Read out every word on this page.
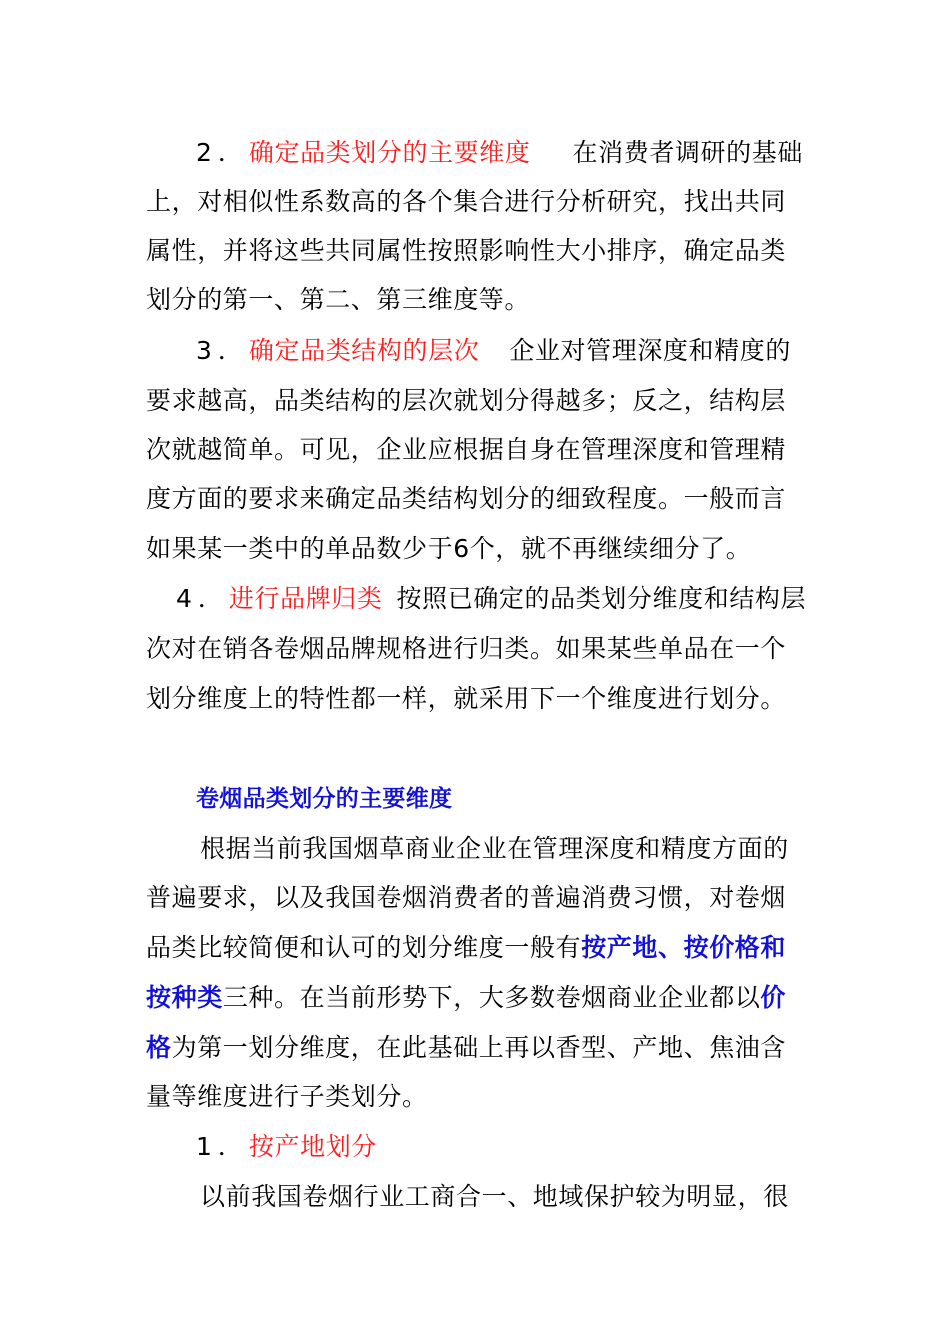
2．确定品类划分的主要维度 在消费者调研的基础
上，对相似性系数高的各个集合进行分析研究，找出共同
属性，并将这些共同属性按照影响性大小排序，确定品类
划分的第一、第二、第三维度等。
3．确定品类结构的层次 企业对管理深度和精度的
要求越高，品类结构的层次就划分得越多；反之，结构层
次就越简单。可见，企业应根据自身在管理深度和管理精
度方面的要求来确定品类结构划分的细致程度。一般而言
如果某一类中的单品数少于6个，就不再继续细分了。
4．进行品牌归类 按照已确定的品类划分维度和结构层
次对在销各卷烟品牌规格进行归类。如果某些单品在一个
划分维度上的特性都一样，就采用下一个维度进行划分。
卷烟品类划分的主要维度
根据当前我国烟草商业企业在管理深度和精度方面的
普遍要求，以及我国卷烟消费者的普遍消费习惯，对卷烟
品类比较简便和认可的划分维度一般有按产地、按价格和
按种类三种。在当前形势下，大多数卷烟商业企业都以价
格为第一划分维度，在此基础上再以香型、产地、焦油含
量等维度进行子类划分。
1．按产地划分
以前我国卷烟行业工商合一、地域保护较为明显，很
